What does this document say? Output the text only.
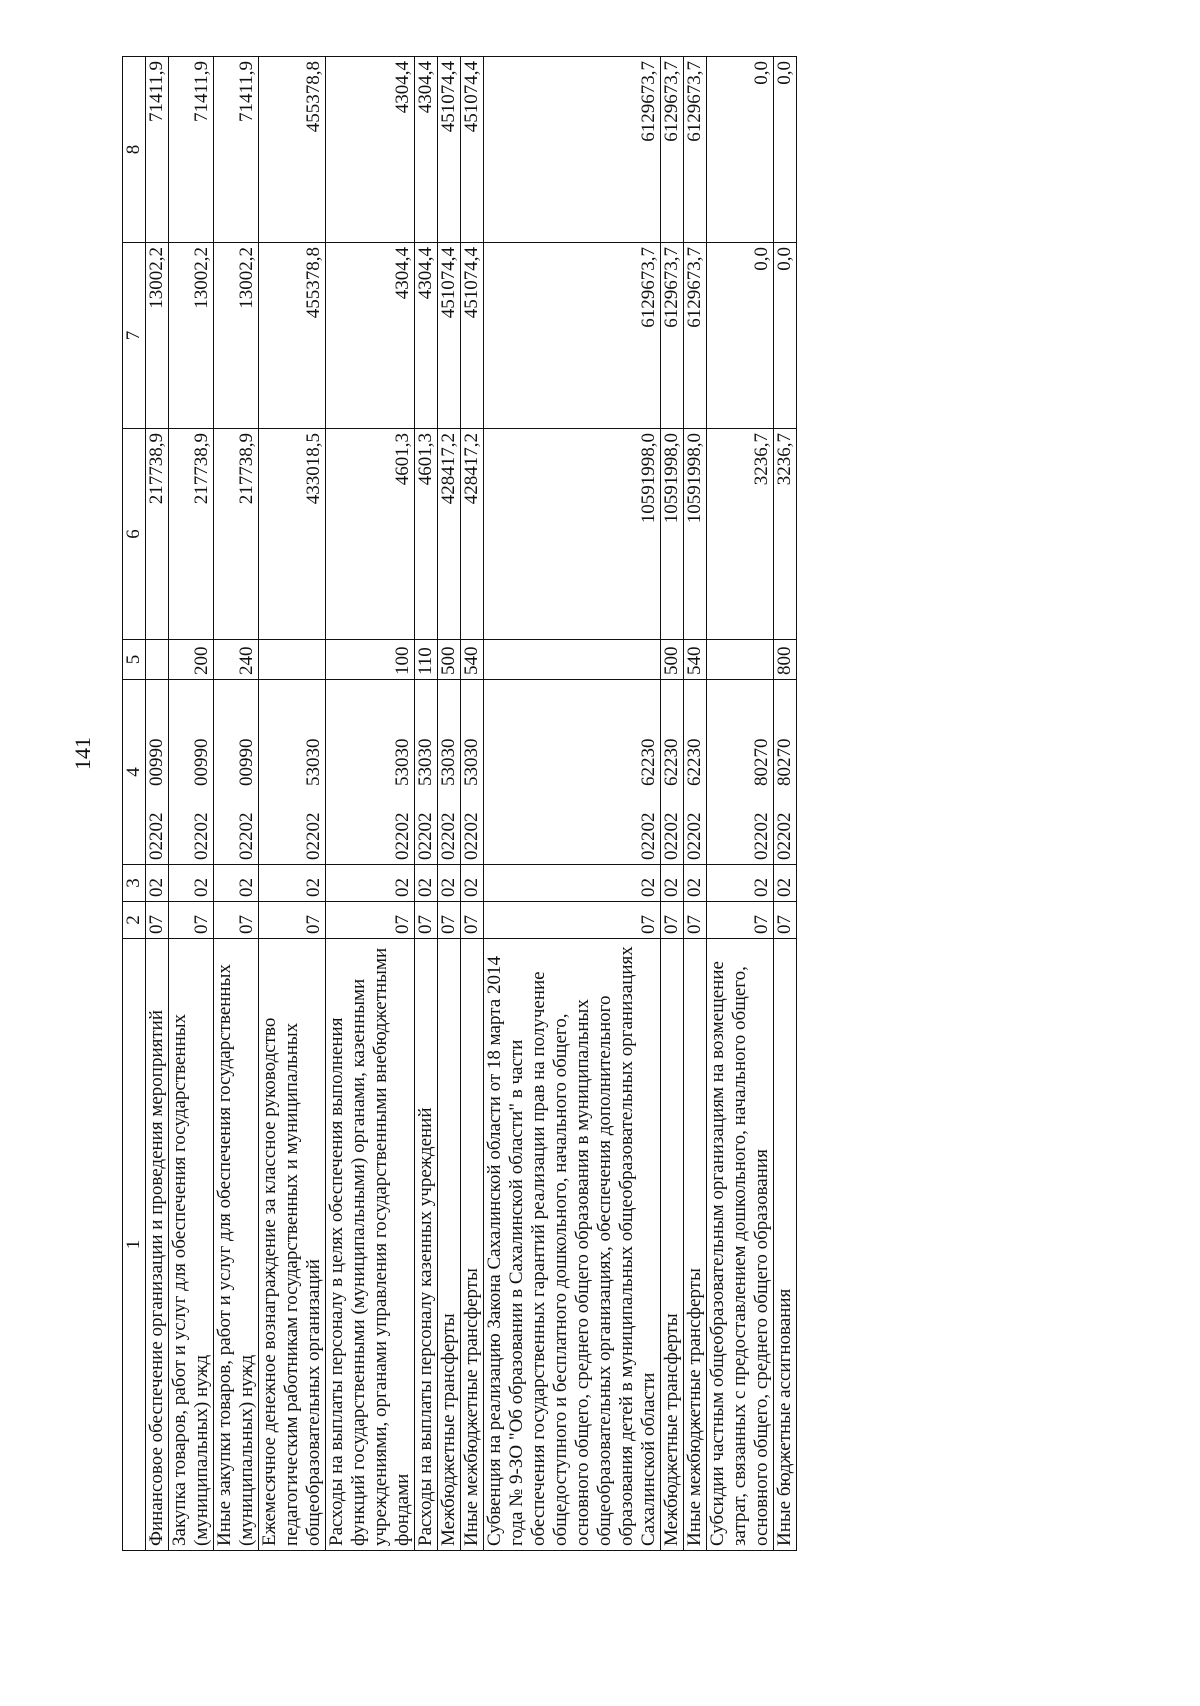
141
1	2	3	4	5	6	7	8
Финансовое обеспечение организации и проведения мероприятий	07	02	0220200990		217738,9	13002,2	71411,9
Закупка товаров, работ и услуг для обеспечения государственных (муниципальных) нужд	07	02	0220200990	200	217738,9	13002,2	71411,9
Иные закупки товаров, работ и услуг для обеспечения государственных (муниципальных) нужд	07	02	0220200990	240	217738,9	13002,2	71411,9
Ежемесячное денежное вознаграждение за классное руководство педагогическим работникам государственных и муниципальных общеобразовательных организаций	07	02	0220253030		433018,5	455378,8	455378,8
Расходы на выплаты персоналу в целях обеспечения выполнения функций государственными (муниципальными) органами, казенными учреждениями, органами управления государственными внебюджетными фондами	07	02	0220253030	100	4601,3	4304,4	4304,4
Расходы на выплаты персоналу казенных учреждений	07	02	0220253030	110	4601,3	4304,4	4304,4
Межбюджетные трансферты	07	02	0220253030	500	428417,2	451074,4	451074,4
Иные межбюджетные трансферты	07	02	0220253030	540	428417,2	451074,4	451074,4
Субвенция на реализацию Закона Сахалинской области от 18 марта 2014 года № 9-ЗО "Об образовании в Сахалинской области" в части обеспечения государственных гарантий реализации прав на получение общедоступного и бесплатного дошкольного, начального общего, основного общего, среднего общего образования в муниципальных общеобразовательных организациях, обеспечения дополнительного образования детей в муниципальных общеобразовательных организациях Сахалинской области	07	02	0220262230		10591998,0	6129673,7	6129673,7
Межбюджетные трансферты	07	02	0220262230	500	10591998,0	6129673,7	6129673,7
Иные межбюджетные трансферты	07	02	0220262230	540	10591998,0	6129673,7	6129673,7
Субсидии частным общеобразовательным организациям на возмещение затрат, связанных с предоставлением дошкольного, начального общего, основного общего, среднего общего образования	07	02	0220280270		3236,7	0,0	0,0
Иные бюджетные ассигнования	07	02	0220280270	800	3236,7	0,0	0,0
